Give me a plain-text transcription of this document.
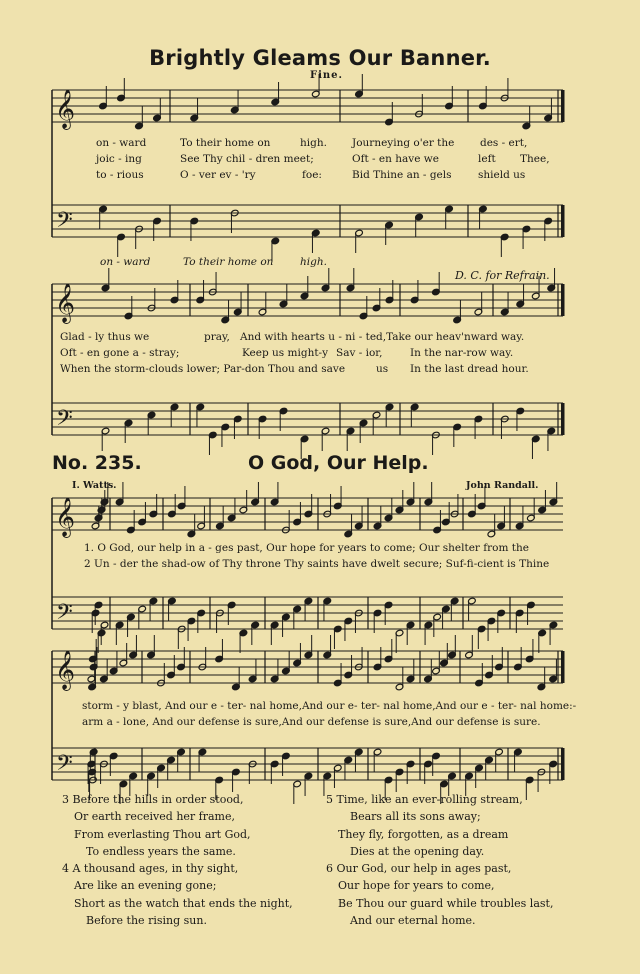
𝄞
𝄢
𝄞
𝄢
𝄞
𝄢
𝄞
𝄢
Brightly Gleams Our Banner.
Fine.
on - ward	To their home on	high. Journeying o'er the des - ert,
joic - ing	See Thy chil - dren meet;	Oft - en have we	left Thee,
to - rious	O - ver ev - 'ry	foe:	Bid Thine an - gels	shield us
on - ward	To their home on	high.
D. C. for Refrain.
Glad - ly thus we	pray, And with hearts u - ni - ted,Take our heav'nward way.
Oft - en gone a - stray;	Keep us might-y Sav - ior,	In the nar-row way.
When the storm-clouds lower; Par-don Thou and save	us In the last dread hour.
No. 235.	O God, Our Help.
I. Watts.	John Randall.
1. O God, our help in a - ges past, Our hope for years to come; Our shelter from the
2 Un - der the shad-ow of Thy throne Thy saints have dwelt secure; Suf-fi-cient is Thine
storm - y blast, And our e - ter- nal home,And our e- ter- nal home,And our e - ter- nal home:-
arm a - lone, And our defense is sure,And our defense is sure,And our defense is sure.
3 Before the hills in order stood,
Or earth received her frame,
From everlasting Thou art God,
To endless years the same.
4 A thousand ages, in thy sight,
Are like an evening gone;
Short as the watch that ends the night,
Before the rising sun.
5 Time, like an ever-rolling stream,
Bears all its sons away;
They fly, forgotten, as a dream
Dies at the opening day.
6 Our God, our help in ages past,
Our hope for years to come,
Be Thou our guard while troubles last,
And our eternal home.
